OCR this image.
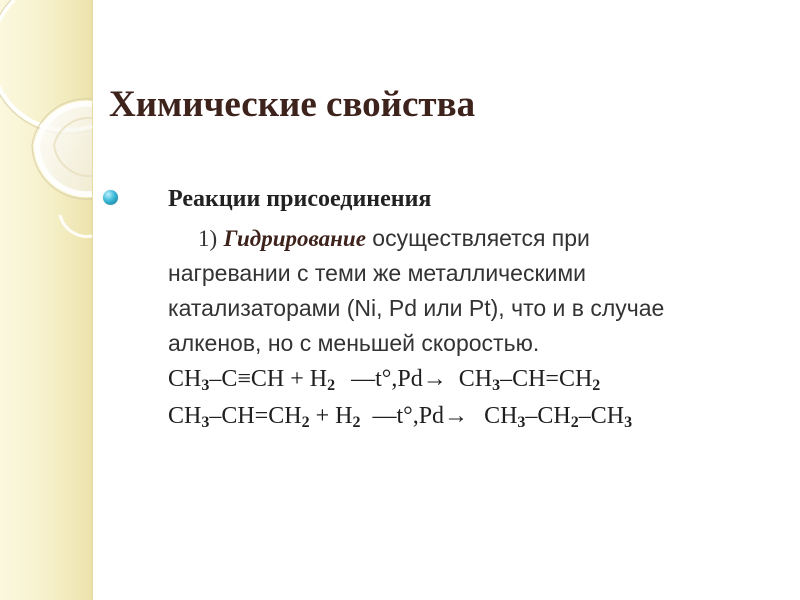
Химические свойства

Реакции присоединения

1) Гидрирование осуществляется при
нагревании с теми же металлическими
катализаторами (Ni, Pd или Pt), что и в случае
алкенов, но с меньшей скоростью.

$CH_3-C\equiv CH + H_2$ —t°,Pd→ $CH_3-CH=CH_2$

$CH_3-CH=CH_2 + H_2$ —t°,Pd→ $CH_3-CH_2-CH_3$
